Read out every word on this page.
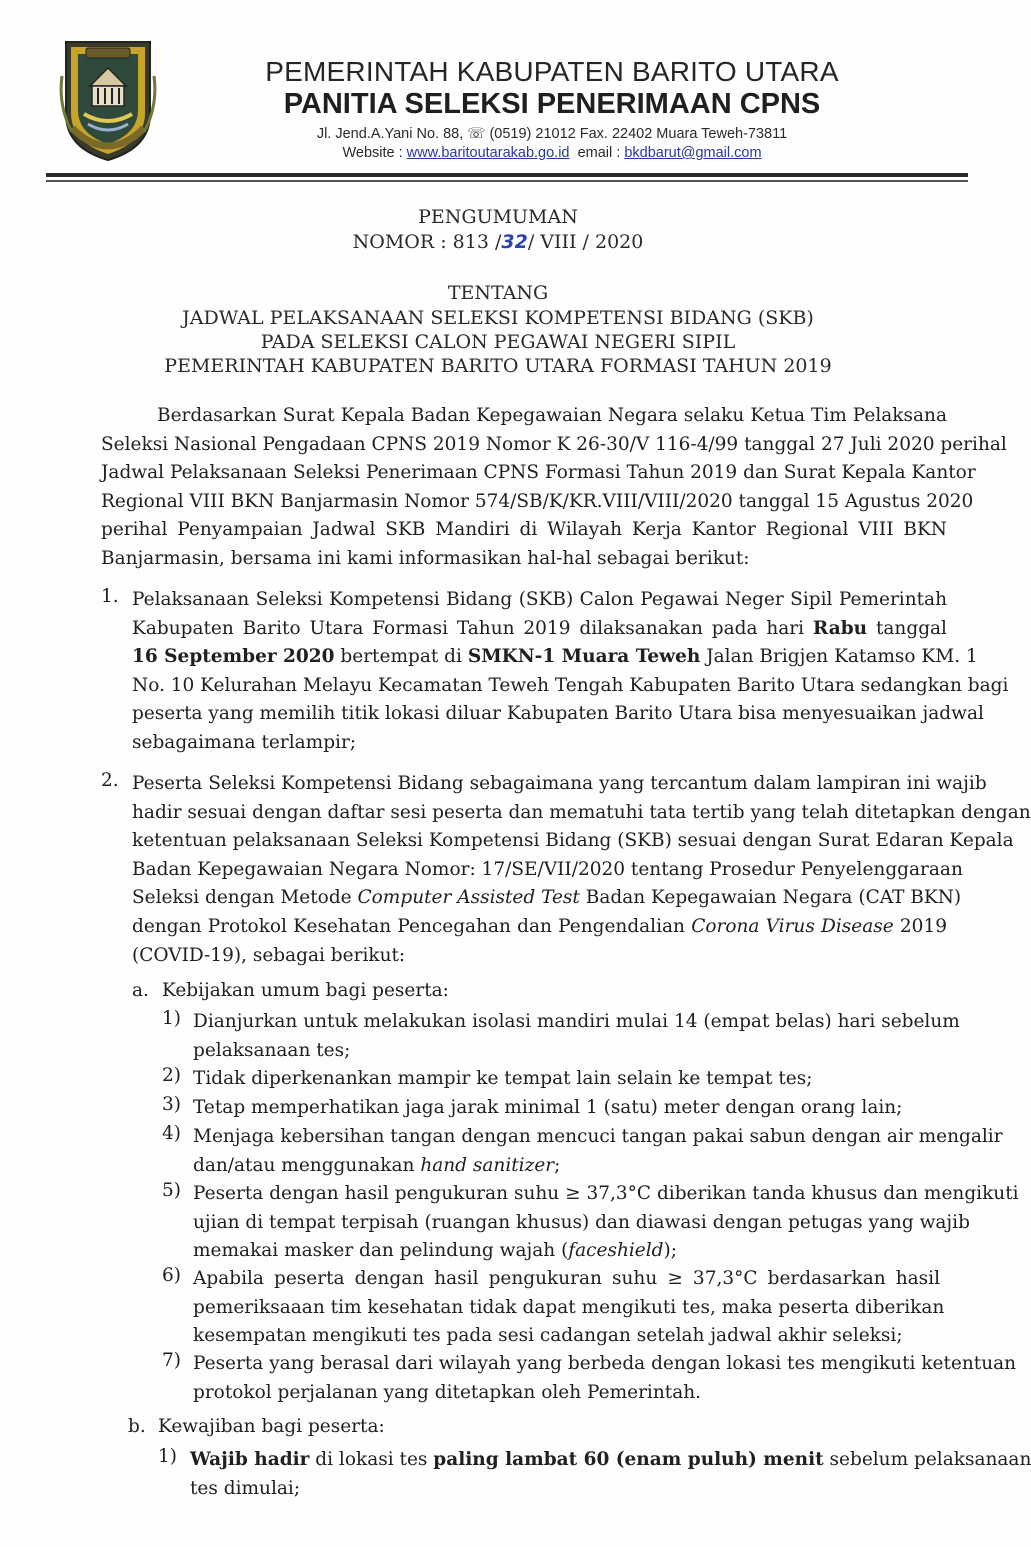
PEMERINTAH KABUPATEN BARITO UTARA
PANITIA SELEKSI PENERIMAAN CPNS
Jl. Jend.A.Yani No. 88, ☏ (0519) 21012 Fax. 22402 Muara Teweh-73811
Website : www.baritoutarakab.go.id email : bkdbarut@gmail.com
PENGUMUMAN
NOMOR : 813 /32/ VIII / 2020
TENTANG
JADWAL PELAKSANAAN SELEKSI KOMPETENSI BIDANG (SKB)
PADA SELEKSI CALON PEGAWAI NEGERI SIPIL
PEMERINTAH KABUPATEN BARITO UTARA FORMASI TAHUN 2019
Berdasarkan Surat Kepala Badan Kepegawaian Negara selaku Ketua Tim Pelaksana
Seleksi Nasional Pengadaan CPNS 2019 Nomor K 26-30/V 116-4/99 tanggal 27 Juli 2020 perihal
Jadwal Pelaksanaan Seleksi Penerimaan CPNS Formasi Tahun 2019 dan Surat Kepala Kantor
Regional VIII BKN Banjarmasin Nomor 574/SB/K/KR.VIII/VIII/2020 tanggal 15 Agustus 2020
perihal Penyampaian Jadwal SKB Mandiri di Wilayah Kerja Kantor Regional VIII BKN
Banjarmasin, bersama ini kami informasikan hal-hal sebagai berikut:
1. Pelaksanaan Seleksi Kompetensi Bidang (SKB) Calon Pegawai Neger Sipil Pemerintah
Kabupaten Barito Utara Formasi Tahun 2019 dilaksanakan pada hari Rabu tanggal
16 September 2020 bertempat di SMKN-1 Muara Teweh Jalan Brigjen Katamso KM. 1
No. 10 Kelurahan Melayu Kecamatan Teweh Tengah Kabupaten Barito Utara sedangkan bagi
peserta yang memilih titik lokasi diluar Kabupaten Barito Utara bisa menyesuaikan jadwal
sebagaimana terlampir;
2. Peserta Seleksi Kompetensi Bidang sebagaimana yang tercantum dalam lampiran ini wajib
hadir sesuai dengan daftar sesi peserta dan mematuhi tata tertib yang telah ditetapkan dengan
ketentuan pelaksanaan Seleksi Kompetensi Bidang (SKB) sesuai dengan Surat Edaran Kepala
Badan Kepegawaian Negara Nomor: 17/SE/VII/2020 tentang Prosedur Penyelenggaraan
Seleksi dengan Metode Computer Assisted Test Badan Kepegawaian Negara (CAT BKN)
dengan Protokol Kesehatan Pencegahan dan Pengendalian Corona Virus Disease 2019
(COVID-19), sebagai berikut:
a. Kebijakan umum bagi peserta:
1) Dianjurkan untuk melakukan isolasi mandiri mulai 14 (empat belas) hari sebelum
pelaksanaan tes;
2) Tidak diperkenankan mampir ke tempat lain selain ke tempat tes;
3) Tetap memperhatikan jaga jarak minimal 1 (satu) meter dengan orang lain;
4) Menjaga kebersihan tangan dengan mencuci tangan pakai sabun dengan air mengalir
dan/atau menggunakan hand sanitizer;
5) Peserta dengan hasil pengukuran suhu ≥ 37,3°C diberikan tanda khusus dan mengikuti
ujian di tempat terpisah (ruangan khusus) dan diawasi dengan petugas yang wajib
memakai masker dan pelindung wajah (faceshield);
6) Apabila peserta dengan hasil pengukuran suhu ≥ 37,3°C berdasarkan hasil
pemeriksaaan tim kesehatan tidak dapat mengikuti tes, maka peserta diberikan
kesempatan mengikuti tes pada sesi cadangan setelah jadwal akhir seleksi;
7) Peserta yang berasal dari wilayah yang berbeda dengan lokasi tes mengikuti ketentuan
protokol perjalanan yang ditetapkan oleh Pemerintah.
b. Kewajiban bagi peserta:
1) Wajib hadir di lokasi tes paling lambat 60 (enam puluh) menit sebelum pelaksanaan
tes dimulai;
